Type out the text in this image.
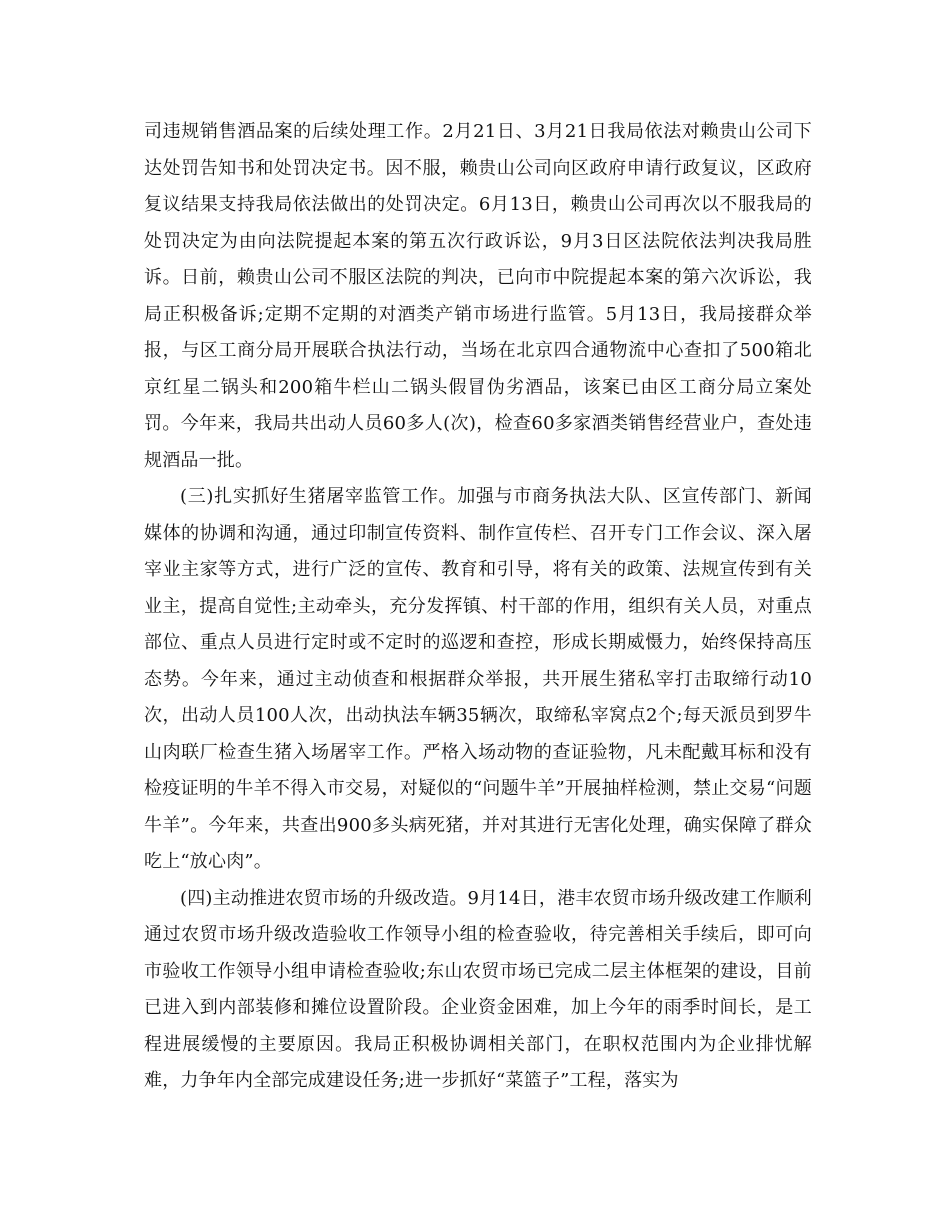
司违规销售酒品案的后续处理工作。2月21日、3月21日我局依法对赖贵山公司下达处罚告知书和处罚决定书。因不服，赖贵山公司向区政府申请行政复议，区政府复议结果支持我局依法做出的处罚决定。6月13日，赖贵山公司再次以不服我局的处罚决定为由向法院提起本案的第五次行政诉讼，9月3日区法院依法判决我局胜诉。日前，赖贵山公司不服区法院的判决，已向市中院提起本案的第六次诉讼，我局正积极备诉;定期不定期的对酒类产销市场进行监管。5月13日，我局接群众举报，与区工商分局开展联合执法行动，当场在北京四合通物流中心查扣了500箱北京红星二锅头和200箱牛栏山二锅头假冒伪劣酒品，该案已由区工商分局立案处罚。今年来，我局共出动人员60多人(次)，检查60多家酒类销售经营业户，查处违规酒品一批。

(三)扎实抓好生猪屠宰监管工作。加强与市商务执法大队、区宣传部门、新闻媒体的协调和沟通，通过印制宣传资料、制作宣传栏、召开专门工作会议、深入屠宰业主家等方式，进行广泛的宣传、教育和引导，将有关的政策、法规宣传到有关业主，提高自觉性;主动牵头，充分发挥镇、村干部的作用，组织有关人员，对重点部位、重点人员进行定时或不定时的巡逻和查控，形成长期威慑力，始终保持高压态势。今年来，通过主动侦查和根据群众举报，共开展生猪私宰打击取缔行动10次，出动人员100人次，出动执法车辆35辆次，取缔私宰窝点2个;每天派员到罗牛山肉联厂检查生猪入场屠宰工作。严格入场动物的查证验物，凡未配戴耳标和没有检疫证明的牛羊不得入市交易，对疑似的“问题牛羊”开展抽样检测，禁止交易“问题牛羊”。今年来，共查出900多头病死猪，并对其进行无害化处理，确实保障了群众吃上“放心肉”。

(四)主动推进农贸市场的升级改造。9月14日，港丰农贸市场升级改建工作顺利通过农贸市场升级改造验收工作领导小组的检查验收，待完善相关手续后，即可向市验收工作领导小组申请检查验收;东山农贸市场已完成二层主体框架的建设，目前已进入到内部装修和摊位设置阶段。企业资金困难，加上今年的雨季时间长，是工程进展缓慢的主要原因。我局正积极协调相关部门，在职权范围内为企业排忧解难，力争年内全部完成建设任务;进一步抓好“菜篮子”工程，落实为
